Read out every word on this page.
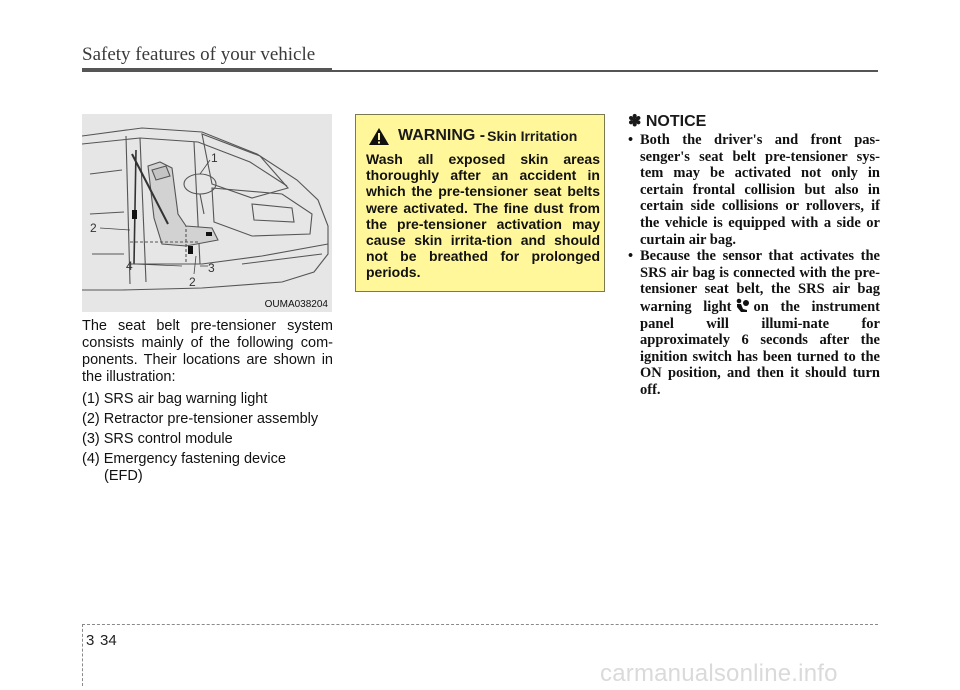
Safety features of your vehicle
1
2
2
3
4
OUMA038204

The seat belt pre-tensioner system consists mainly of the following com-ponents. Their locations are shown in the illustration:

(1) SRS air bag warning light
(2) Retractor pre-tensioner assembly
(3) SRS control module
(4) Emergency fastening device
(EFD)
WARNING - Skin Irritation
Wash all exposed skin areas thoroughly after an accident in which the pre-tensioner seat belts were activated. The fine dust from the pre-tensioner activation may cause skin irrita-tion and should not be breathed for prolonged periods.
✽ NOTICE
• Both the driver's and front pas-senger's seat belt pre-tensioner sys-tem may be activated not only in certain frontal collision but also in certain side collisions or rollovers, if the vehicle is equipped with a side or curtain air bag.
• Because the sensor that activates the SRS air bag is connected with the pre-tensioner seat belt, the SRS air bag warning light on the instrument panel will illumi-nate for approximately 6 seconds after the ignition switch has been turned to the ON position, and then it should turn off.
3 34
carmanualsonline.info
